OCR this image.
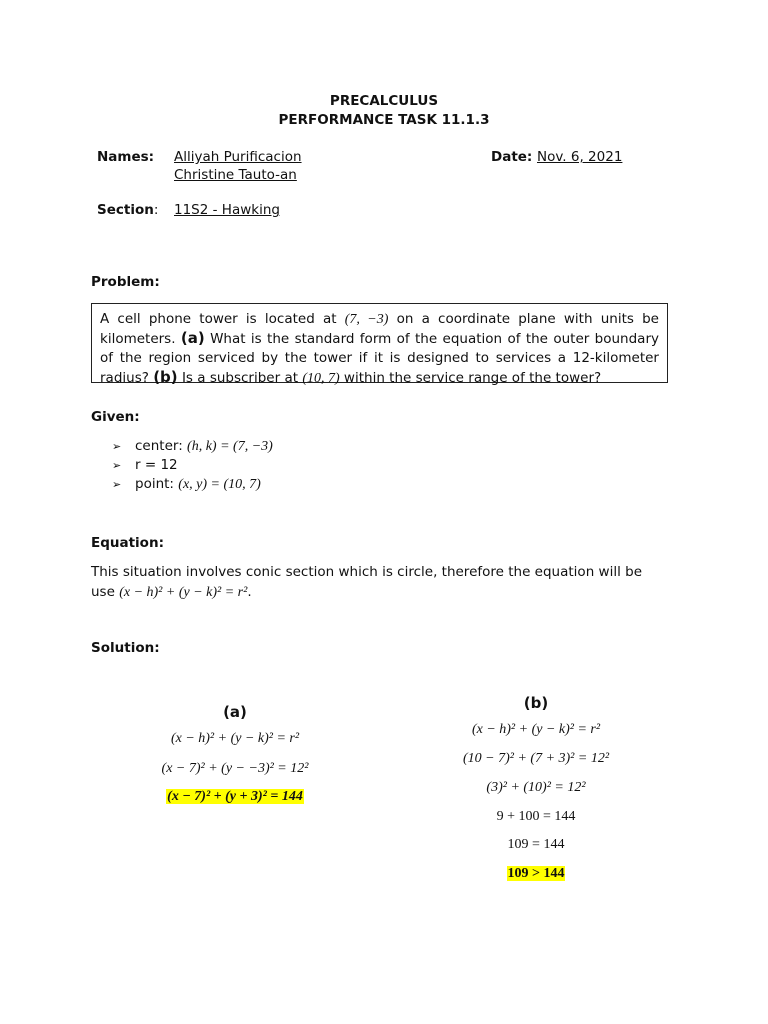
PRECALCULUS
PERFORMANCE TASK 11.1.3
Names: Alliyah Purificacion
Christine Tauto-an
Date: Nov. 6, 2021
Section: 11S2 - Hawking
Problem:
A cell phone tower is located at (7, −3) on a coordinate plane with units be kilometers. (a) What is the standard form of the equation of the outer boundary of the region serviced by the tower if it is designed to services a 12-kilometer radius? (b) Is a subscriber at (10, 7) within the service range of the tower?
Given:
➢ center: (h, k) = (7, −3)
➢ r = 12
➢ point: (x, y) = (10, 7)
Equation:
This situation involves conic section which is circle, therefore the equation will be use (x − h)² + (y − k)² = r².
Solution:
(a)
(x − h)² + (y − k)² = r²
(x − 7)² + (y − −3)² = 12²
(x − 7)² + (y + 3)² = 144
(b)
(x − h)² + (y − k)² = r²
(10 − 7)² + (7 + 3)² = 12²
(3)² + (10)² = 12²
9 + 100 = 144
109 = 144
109 > 144
